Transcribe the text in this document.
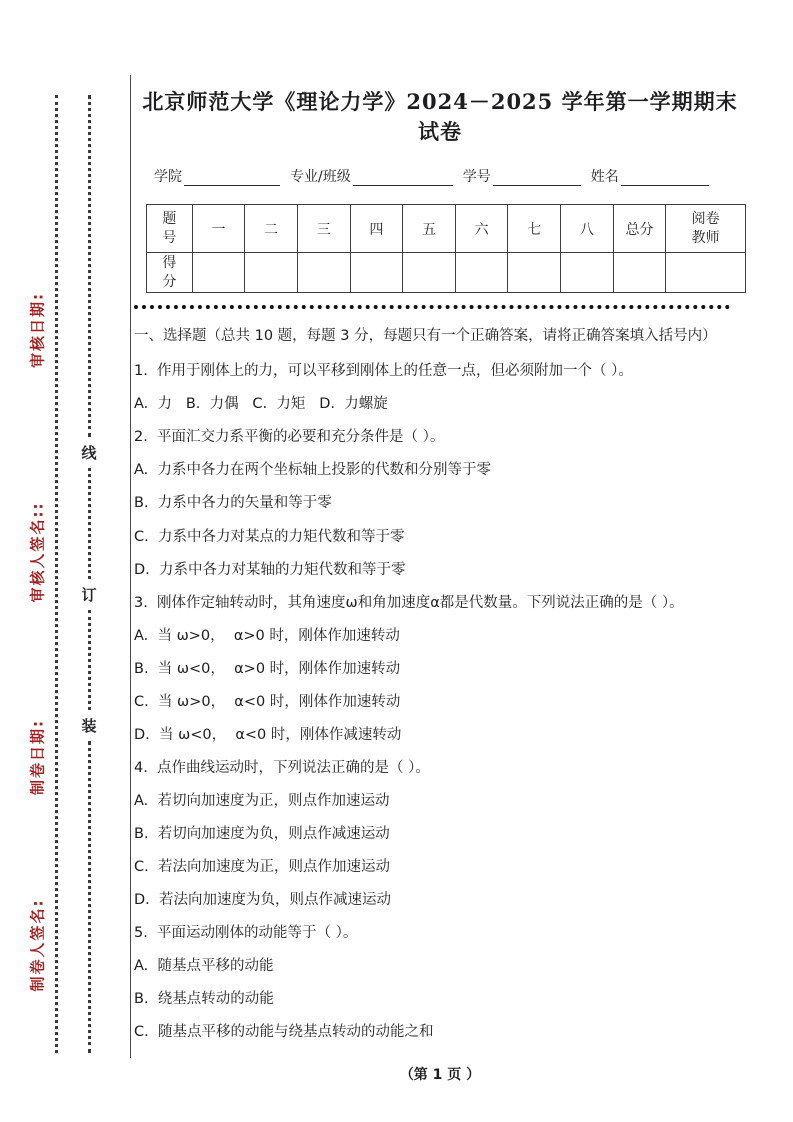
审核日期:
审核人签名::
制卷日期:
制卷人签名:
线
订
装
北京师范大学《理论力学》2024－2025 学年第一学期期末试卷
学院	专业/班级	学号	姓名
题号	一	二	三	四	五	六	七	八	总分	阅卷教师
得分										
一、选择题（总共 10 题，每题 3 分，每题只有一个正确答案，请将正确答案填入括号内）

1.  作用于刚体上的力，可以平移到刚体上的任意一点，但必须附加一个（ ）。

A.  力   B.  力偶   C.  力矩   D.  力螺旋

2.  平面汇交力系平衡的必要和充分条件是（ ）。

A.  力系中各力在两个坐标轴上投影的代数和分别等于零

B.  力系中各力的矢量和等于零

C.  力系中各力对某点的力矩代数和等于零

D.  力系中各力对某轴的力矩代数和等于零

3.  刚体作定轴转动时，其角速度ω和角加速度α都是代数量。下列说法正确的是（ ）。

A.  当 ω>0，  α>0 时，刚体作加速转动

B.  当 ω<0，  α>0 时，刚体作加速转动

C.  当 ω>0，  α<0 时，刚体作加速转动

D.  当 ω<0，  α<0 时，刚体作减速转动

4.  点作曲线运动时，下列说法正确的是（ ）。

A.  若切向加速度为正，则点作加速运动

B.  若切向加速度为负，则点作减速运动

C.  若法向加速度为正，则点作加速运动

D.  若法向加速度为负，则点作减速运动

5.  平面运动刚体的动能等于（ ）。

A.  随基点平移的动能

B.  绕基点转动的动能

C.  随基点平移的动能与绕基点转动的动能之和

（第 1 页 ）
